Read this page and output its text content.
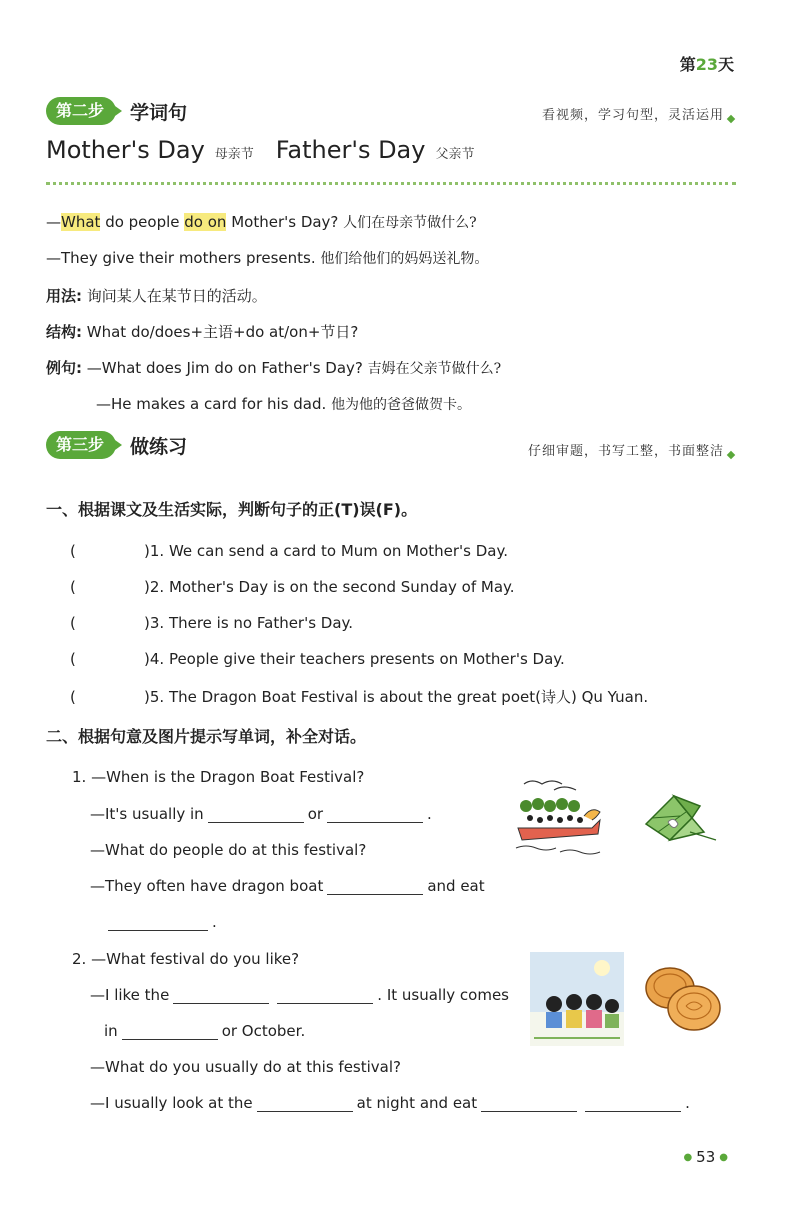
第23天
第二步	学词句	看视频，学习句型，灵活运用
Mother's Day 母亲节 Father's Day 父亲节
—What do people do on Mother's Day? 人们在母亲节做什么?
—They give their mothers presents. 他们给他们的妈妈送礼物。
用法: 询问某人在某节日的活动。
结构: What do/does+主语+do at/on+节日?
例句: —What does Jim do on Father's Day? 吉姆在父亲节做什么?
—He makes a card for his dad. 他为他的爸爸做贺卡。
第三步	做练习	仔细审题，书写工整，书面整洁
一、根据课文及生活实际，判断句子的正(T)误(F)。
(	)1. We can send a card to Mum on Mother's Day.
(	)2. Mother's Day is on the second Sunday of May.
(	)3. There is no Father's Day.
(	)4. People give their teachers presents on Mother's Day.
(	)5. The Dragon Boat Festival is about the great poet(诗人) Qu Yuan.
二、根据句意及图片提示写单词，补全对话。
1. —When is the Dragon Boat Festival?
—It's usually in	or	.
—What do people do at this festival?
—They often have dragon boat	and eat
.
2. —What festival do you like?
—I like the	. It usually comes
in	or October.
—What do you usually do at this festival?
—I usually look at the	at night and eat	.
● 53 ●
